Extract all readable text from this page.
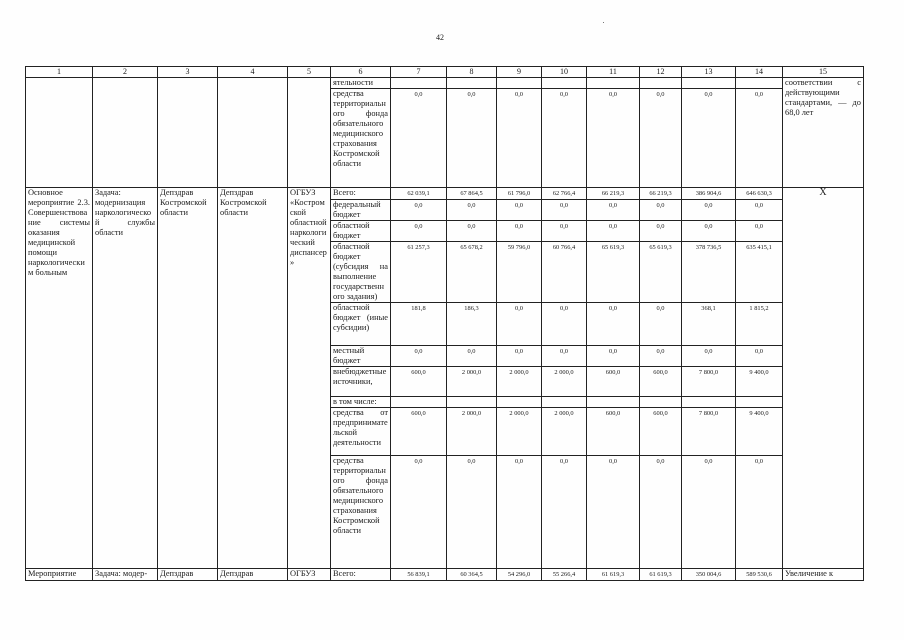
42
1	2	3	4	5	6	7	8	9	10	11	12	13	14	15
					ятельности									соответствии с действующими стандартами, — до 68,0 лет
					средства территориального фонда обязательного медицинского страхования Костромской области	0,0	0,0	0,0	0,0	0,0	0,0	0,0	0,0	
Основное мероприятие 2.3. Совершенствование системы оказания медицинской помощи наркологическим больным	Задача: модернизация наркологической службы области	Депздрав Костромской области	Депздрав Костромской области	ОГБУЗ «Костромской областной наркологический диспансер»	Всего:	62 039,1	67 864,5	61 796,0	62 766,4	66 219,3	66 219,3	386 904,6	646 630,3	Х
					федеральный бюджет	0,0	0,0	0,0	0,0	0,0	0,0	0,0	0,0	
					областной бюджет	0,0	0,0	0,0	0,0	0,0	0,0	0,0	0,0	
					областной бюджет (субсидия на выполнение государственного задания)	61 257,3	65 678,2	59 796,0	60 766,4	65 619,3	65 619,3	378 736,5	635 415,1	
					областной бюджет (иные субсидии)	181,8	186,3	0,0	0,0	0,0	0,0	368,1	1 815,2	
					местный бюджет	0,0	0,0	0,0	0,0	0,0	0,0	0,0	0,0	
					внебюджетные источники,	600,0	2 000,0	2 000,0	2 000,0	600,0	600,0	7 800,0	9 400,0	
					в том числе:									
					средства от предпринимательской деятельности	600,0	2 000,0	2 000,0	2 000,0	600,0	600,0	7 800,0	9 400,0	
					средства территориального фонда обязательного медицинского страхования Костромской области	0,0	0,0	0,0	0,0	0,0	0,0	0,0	0,0	
Мероприятие	Задача: модер-	Депздрав	Депздрав	ОГБУЗ	Всего:	56 839,1	60 364,5	54 296,0	55 266,4	61 619,3	61 619,3	350 004,6	589 530,6	Увеличение к
